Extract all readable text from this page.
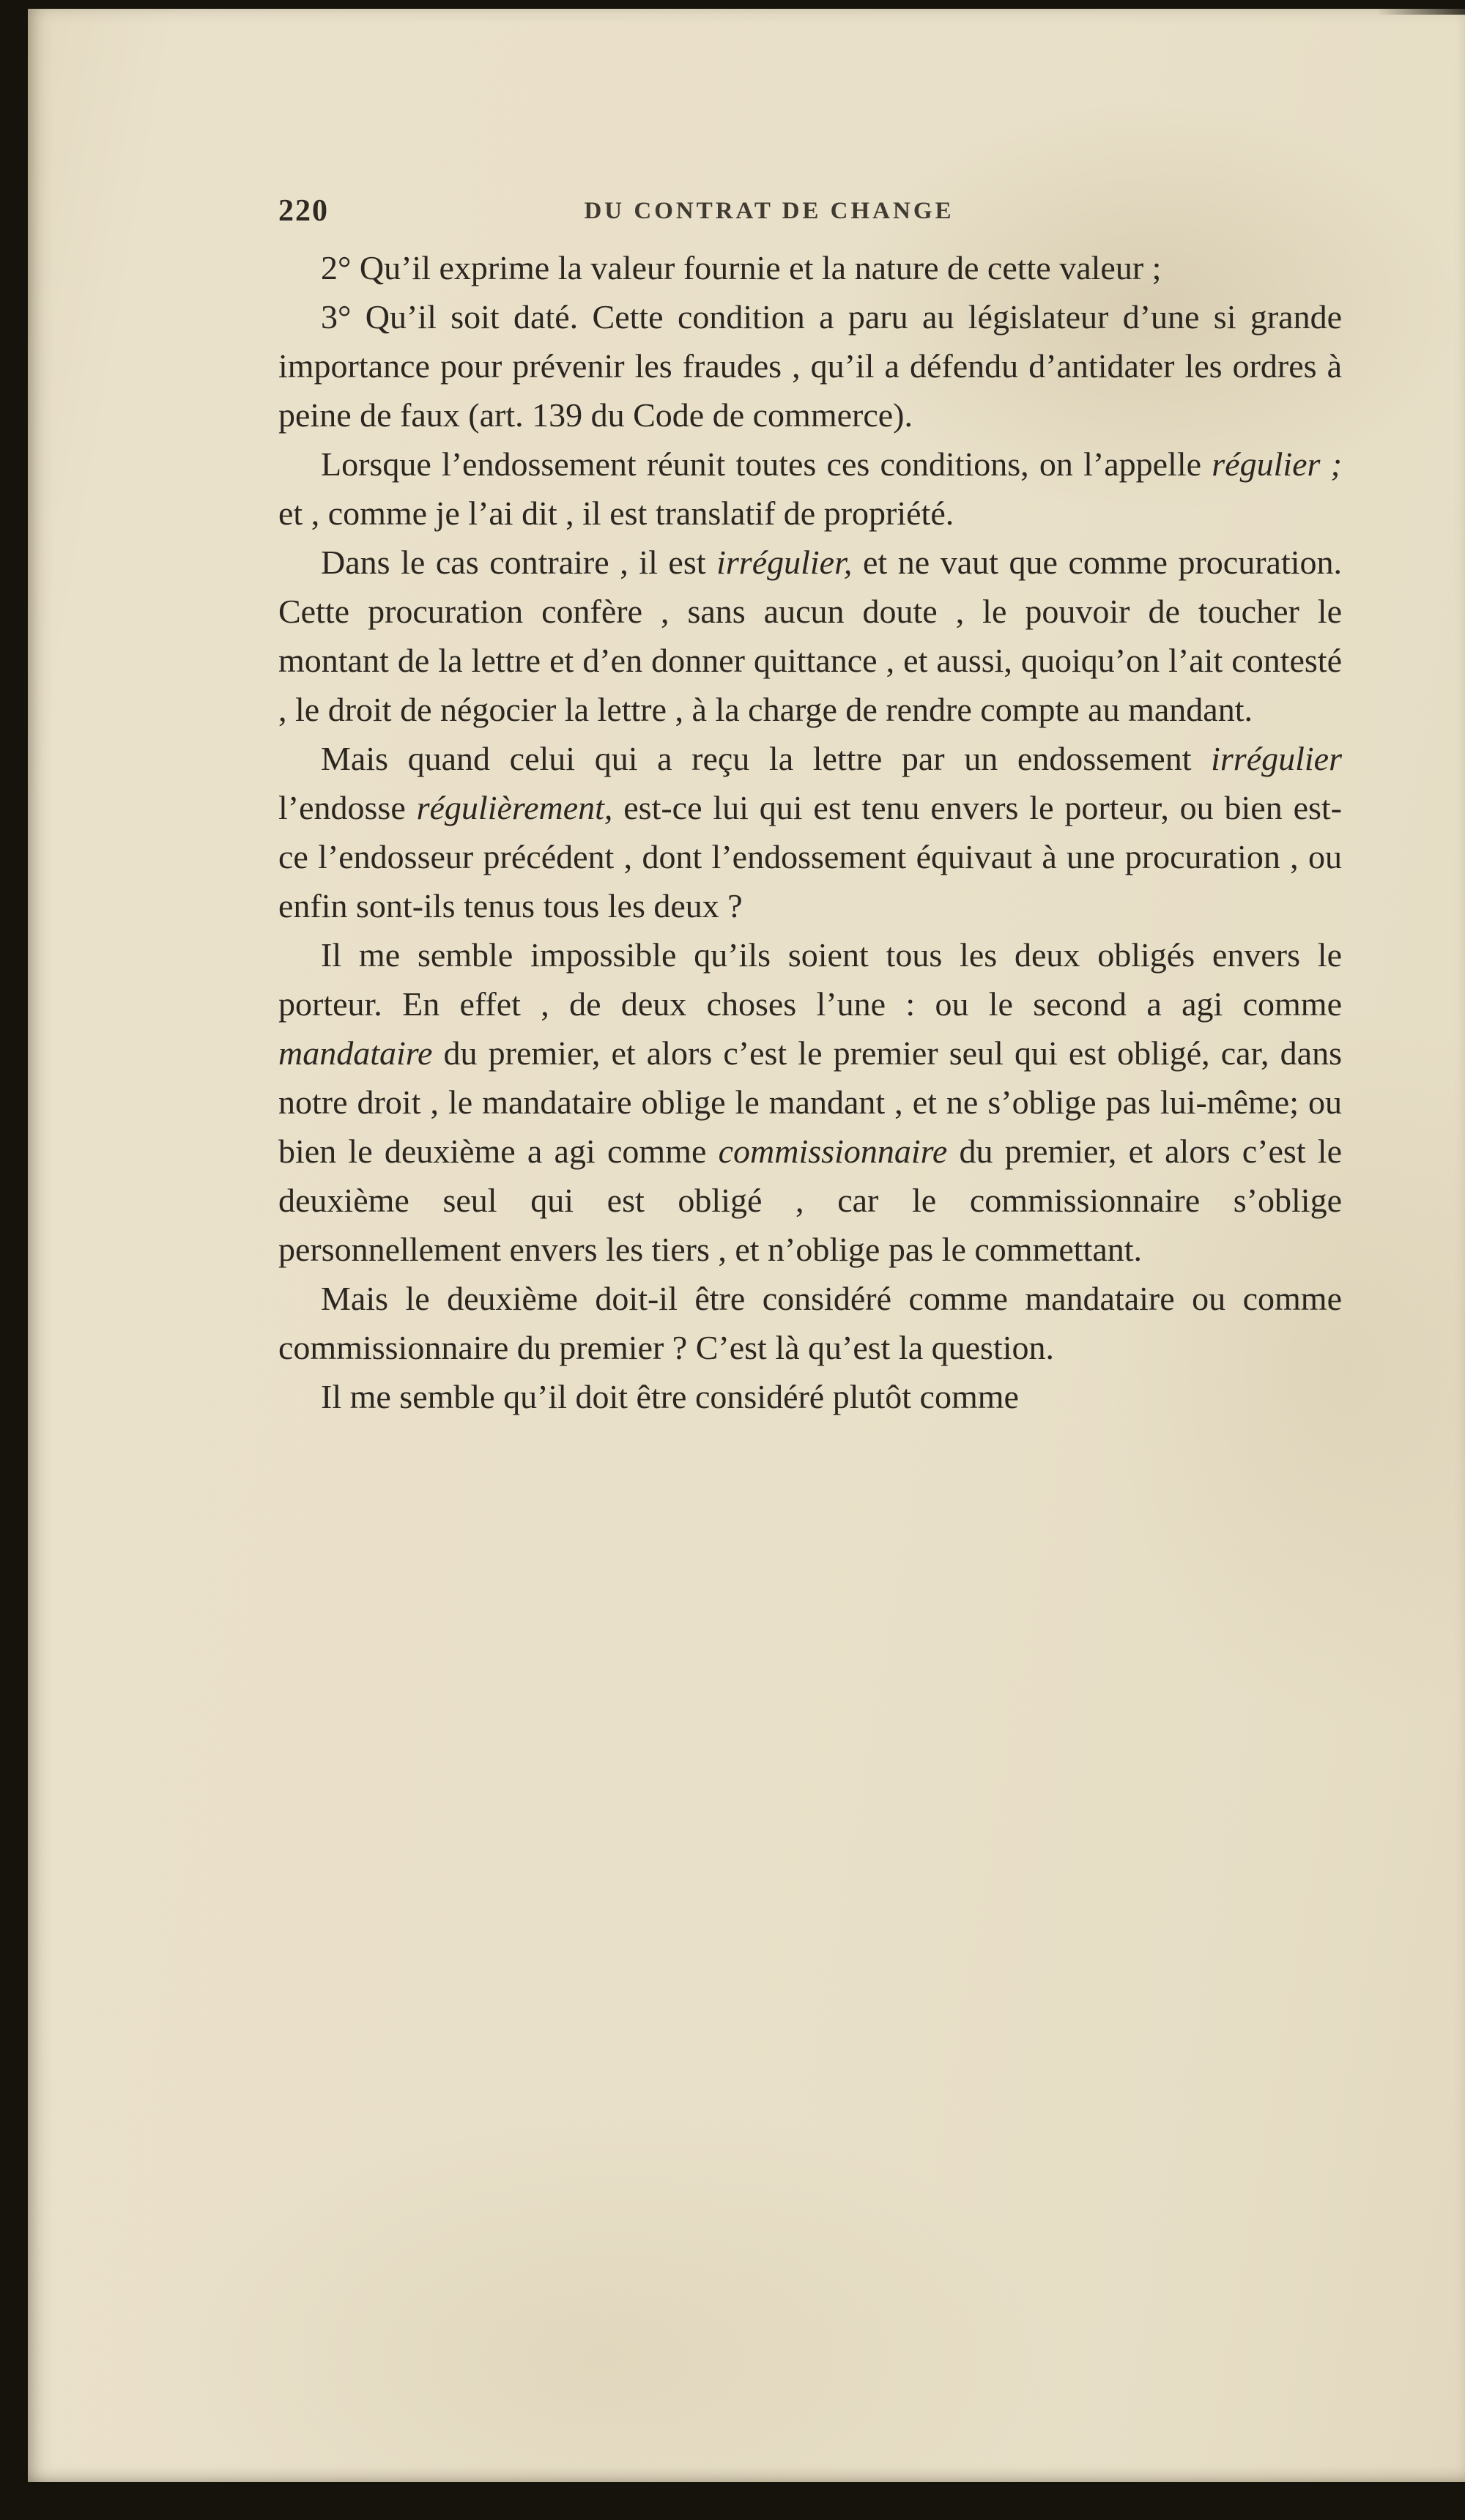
220	DU CONTRAT DE CHANGE

2° Qu’il exprime la valeur fournie et la nature de cette valeur ;

3° Qu’il soit daté. Cette condition a paru au législateur d’une si grande importance pour prévenir les fraudes , qu’il a défendu d’antidater les ordres à peine de faux (art. 139 du Code de commerce).

Lorsque l’endossement réunit toutes ces conditions, on l’appelle régulier ; et , comme je l’ai dit , il est translatif de propriété.

Dans le cas contraire , il est irrégulier, et ne vaut que comme procuration. Cette procuration confère , sans aucun doute , le pouvoir de toucher le montant de la lettre et d’en donner quittance , et aussi, quoiqu’on l’ait contesté , le droit de négocier la lettre , à la charge de rendre compte au mandant.

Mais quand celui qui a reçu la lettre par un endossement irrégulier l’endosse régulièrement, est-ce lui qui est tenu envers le porteur, ou bien est-ce l’endosseur précédent , dont l’endossement équivaut à une procuration , ou enfin sont-ils tenus tous les deux ?

Il me semble impossible qu’ils soient tous les deux obligés envers le porteur. En effet , de deux choses l’une : ou le second a agi comme mandataire du premier, et alors c’est le premier seul qui est obligé, car, dans notre droit , le mandataire oblige le mandant , et ne s’oblige pas lui-même; ou bien le deuxième a agi comme commissionnaire du premier, et alors c’est le deuxième seul qui est obligé , car le commissionnaire s’oblige personnellement envers les tiers , et n’oblige pas le commettant.

Mais le deuxième doit-il être considéré comme mandataire ou comme commissionnaire du premier ? C’est là qu’est la question.

Il me semble qu’il doit être considéré plutôt comme
